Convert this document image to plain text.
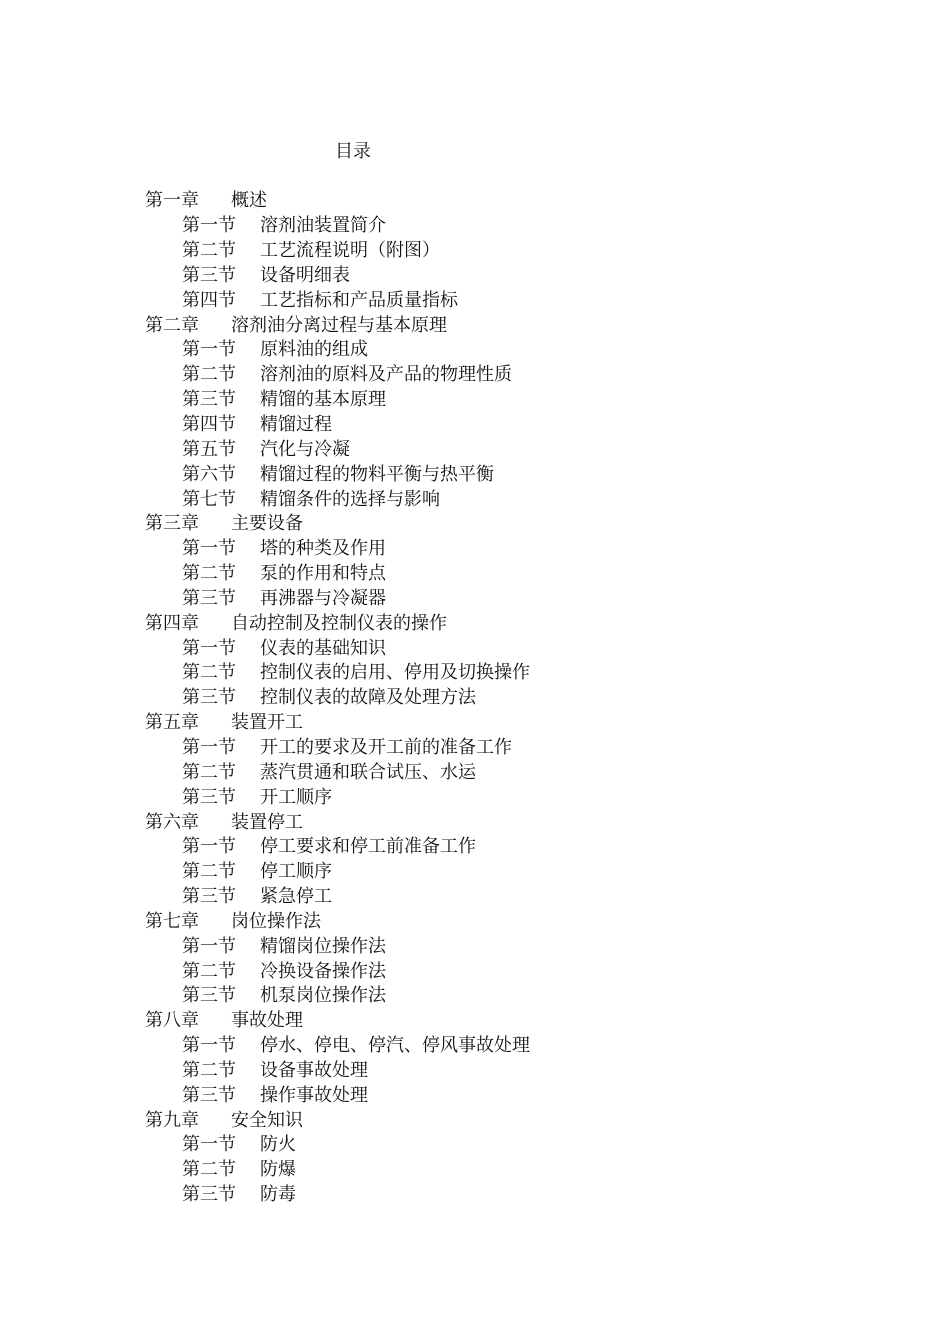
目录
第一章	概述
第一节	溶剂油装置简介
第二节	工艺流程说明（附图）
第三节	设备明细表
第四节	工艺指标和产品质量指标
第二章	溶剂油分离过程与基本原理
第一节	原料油的组成
第二节	溶剂油的原料及产品的物理性质
第三节	精馏的基本原理
第四节	精馏过程
第五节	汽化与冷凝
第六节	精馏过程的物料平衡与热平衡
第七节	精馏条件的选择与影响
第三章	主要设备
第一节	塔的种类及作用
第二节	泵的作用和特点
第三节	再沸器与冷凝器
第四章	自动控制及控制仪表的操作
第一节	仪表的基础知识
第二节	控制仪表的启用、停用及切换操作
第三节	控制仪表的故障及处理方法
第五章	装置开工
第一节	开工的要求及开工前的准备工作
第二节	蒸汽贯通和联合试压、水运
第三节	开工顺序
第六章	装置停工
第一节	停工要求和停工前准备工作
第二节	停工顺序
第三节	紧急停工
第七章	岗位操作法
第一节	精馏岗位操作法
第二节	冷换设备操作法
第三节	机泵岗位操作法
第八章	事故处理
第一节	停水、停电、停汽、停风事故处理
第二节	设备事故处理
第三节	操作事故处理
第九章	安全知识
第一节	防火
第二节	防爆
第三节	防毒
